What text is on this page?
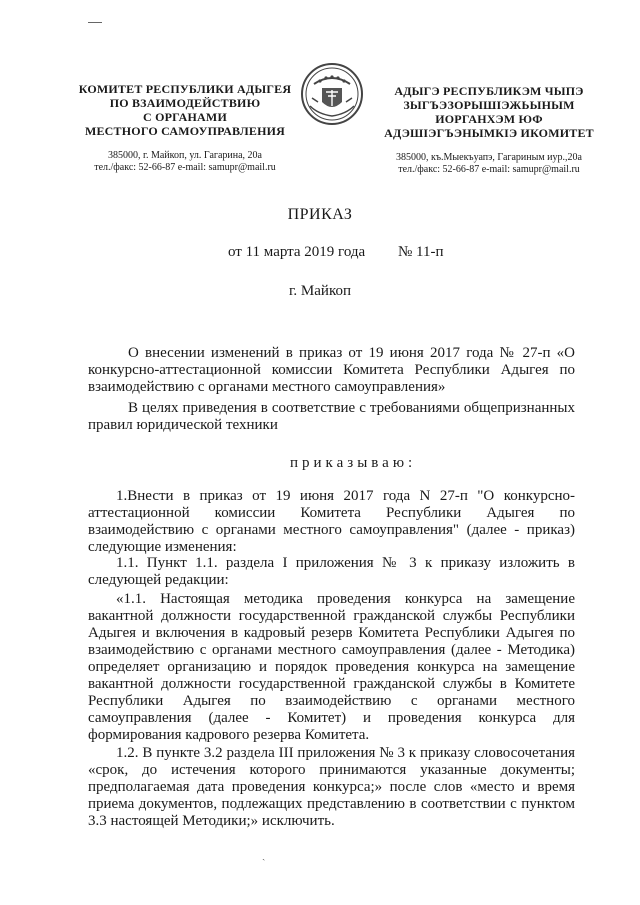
КОМИТЕТ РЕСПУБЛИКИ АДЫГЕЯ
ПО ВЗАИМОДЕЙСТВИЮ
С ОРГАНАМИ
МЕСТНОГО САМОУПРАВЛЕНИЯ
385000, г. Майкоп, ул. Гагарина, 20а
тел./факс: 52-66-87 e-mail: samupr@mail.ru
АДЫГЭ РЕСПУБЛИКЭМ ЧЫПЭ
ЗЫГЪЭЗОРЫШІЭЖЬЫНЫМ
ИОРГАНХЭМ ЮФ
АДЭШІЭГЪЭНЫМКІЭ ИКОМИТЕТ
385000, къ.Мыекъуапэ, Гагариным иур.,20а
тел./факс: 52-66-87 e-mail: samupr@mail.ru
ПРИКАЗ
от 11 марта 2019 года № 11-п
г. Майкоп
О внесении изменений в приказ от 19 июня 2017 года № 27-п «О конкурсно-аттестационной комиссии Комитета Республики Адыгея по взаимодействию с органами местного самоуправления»
В целях приведения в соответствие с требованиями общепризнанных правил юридической техники
приказываю:
1.Внести в приказ от 19 июня 2017 года N 27-п "О конкурсно-аттестационной комиссии Комитета Республики Адыгея по взаимодействию с органами местного самоуправления" (далее - приказ) следующие изменения:
1.1. Пункт 1.1. раздела I приложения № 3 к приказу изложить в следующей редакции:
«1.1. Настоящая методика проведения конкурса на замещение вакантной должности государственной гражданской службы Республики Адыгея и включения в кадровый резерв Комитета Республики Адыгея по взаимодействию с органами местного самоуправления (далее - Методика) определяет организацию и порядок проведения конкурса на замещение вакантной должности государственной гражданской службы в Комитете Республики Адыгея по взаимодействию с органами местного самоуправления (далее - Комитет) и проведения конкурса для формирования кадрового резерва Комитета.
1.2. В пункте 3.2 раздела III приложения № 3 к приказу словосочетания «срок, до истечения которого принимаются указанные документы; предполагаемая дата проведения конкурса;» после слов «место и время приема документов, подлежащих представлению в соответствии с пунктом 3.3 настоящей Методики;» исключить.
ˎ
